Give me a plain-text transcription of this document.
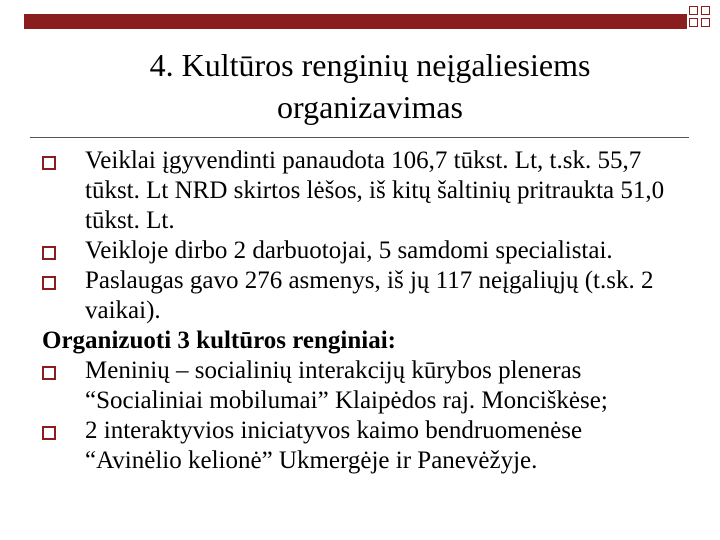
4. Kultūros renginių neįgaliesiems
organizavimas
Veiklai įgyvendinti panaudota 106,7 tūkst. Lt, t.sk. 55,7 tūkst. Lt NRD skirtos lėšos, iš kitų šaltinių pritraukta 51,0 tūkst. Lt.
Veikloje dirbo 2 darbuotojai, 5 samdomi specialistai.
Paslaugas gavo 276 asmenys, iš jų 117 neįgaliųjų (t.sk. 2 vaikai).
Organizuoti 3 kultūros renginiai:
Meninių – socialinių interakcijų kūrybos pleneras “Socialiniai mobilumai” Klaipėdos raj. Monciškėse;
2 interaktyvios iniciatyvos kaimo bendruomenėse “Avinėlio kelionė” Ukmergėje ir Panevėžyje.
